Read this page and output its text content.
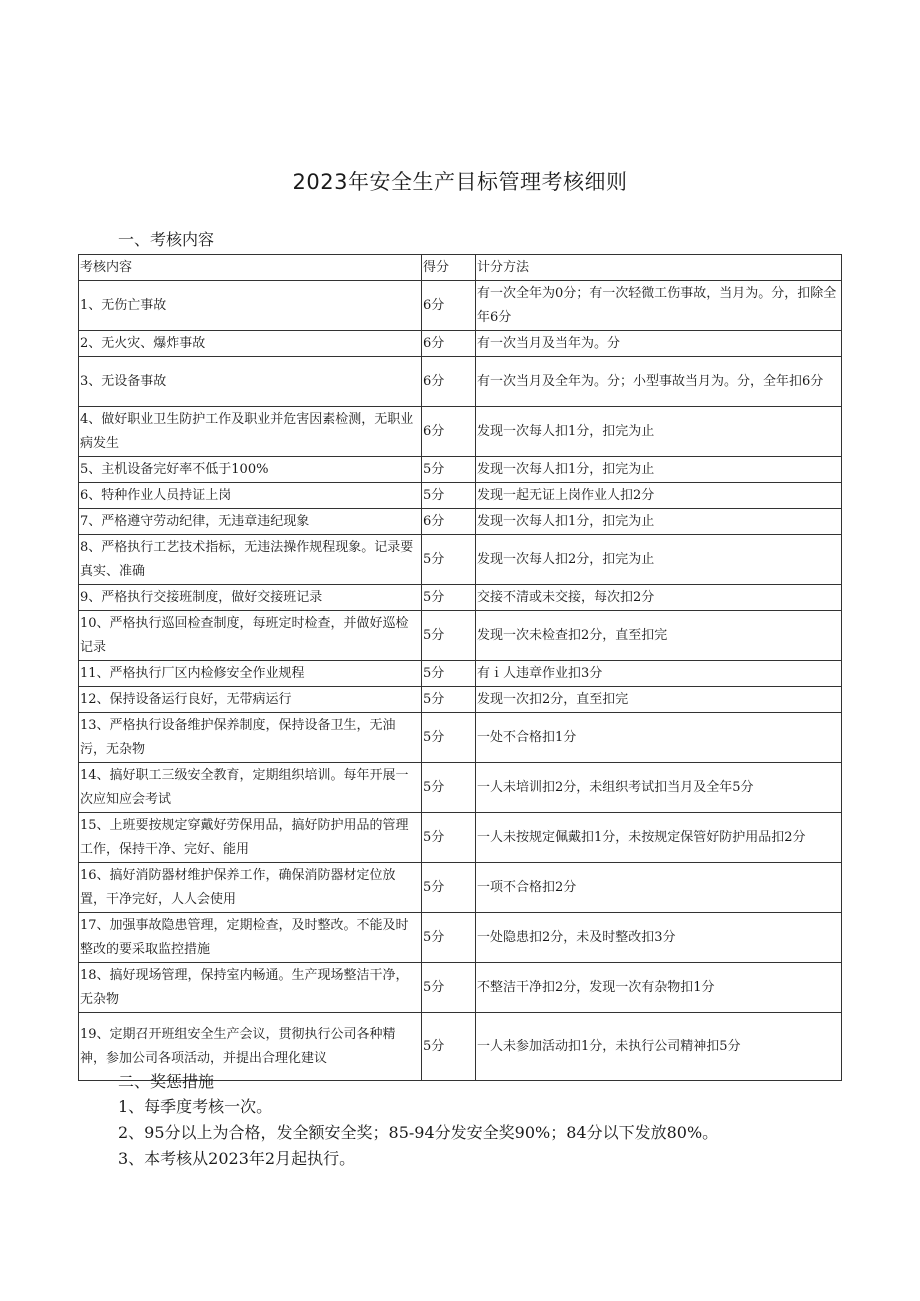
2023年安全生产目标管理考核细则
一、考核内容
考核内容	得分	计分方法
1、无伤亡事故	6分	有一次全年为0分；有一次轻微工伤事故，当月为。分，扣除全年6分
2、无火灾、爆炸事故	6分	有一次当月及当年为。分
3、无设备事故	6分	有一次当月及全年为。分；小型事故当月为。分，全年扣6分
4、做好职业卫生防护工作及职业并危害因素检测，无职业病发生	6分	发现一次每人扣1分，扣完为止
5、主机设备完好率不低于100%	5分	发现一次每人扣1分，扣完为止
6、特种作业人员持证上岗	5分	发现一起无证上岗作业人扣2分
7、严格遵守劳动纪律，无违章违纪现象	6分	发现一次每人扣1分，扣完为止
8、严格执行工艺技术指标，无违法操作规程现象。记录要真实、准确	5分	发现一次每人扣2分，扣完为止
9、严格执行交接班制度，做好交接班记录	5分	交接不清或未交接，每次扣2分
10、严格执行巡回检查制度，每班定时检查，并做好巡检记录	5分	发现一次未检查扣2分，直至扣完
11、严格执行厂区内检修安全作业规程	5分	有ｉ人违章作业扣3分
12、保持设备运行良好，无带病运行	5分	发现一次扣2分，直至扣完
13、严格执行设备维护保养制度，保持设备卫生，无油污，无杂物	5分	一处不合格扣1分
14、搞好职工三级安全教育，定期组织培训。每年开展一次应知应会考试	5分	一人未培训扣2分，未组织考试扣当月及全年5分
15、上班要按规定穿戴好劳保用品，搞好防护用品的管理工作，保持干净、完好、能用	5分	一人未按规定佩戴扣1分，未按规定保管好防护用品扣2分
16、搞好消防器材维护保养工作，确保消防器材定位放置，干净完好，人人会使用	5分	一项不合格扣2分
17、加强事故隐患管理，定期检查，及时整改。不能及时整改的要采取监控措施	5分	一处隐患扣2分，未及时整改扣3分
18、搞好现场管理，保持室内畅通。生产现场整洁干净，无杂物	5分	不整洁干净扣2分，发现一次有杂物扣1分
19、定期召开班组安全生产会议，贯彻执行公司各种精神，参加公司各项活动，并提出合理化建议	5分	一人未参加活动扣1分，未执行公司精神扣5分
二、奖惩措施

1、每季度考核一次。

2、95分以上为合格，发全额安全奖；85-94分发安全奖90%；84分以下发放80%。

3、本考核从2023年2月起执行。
